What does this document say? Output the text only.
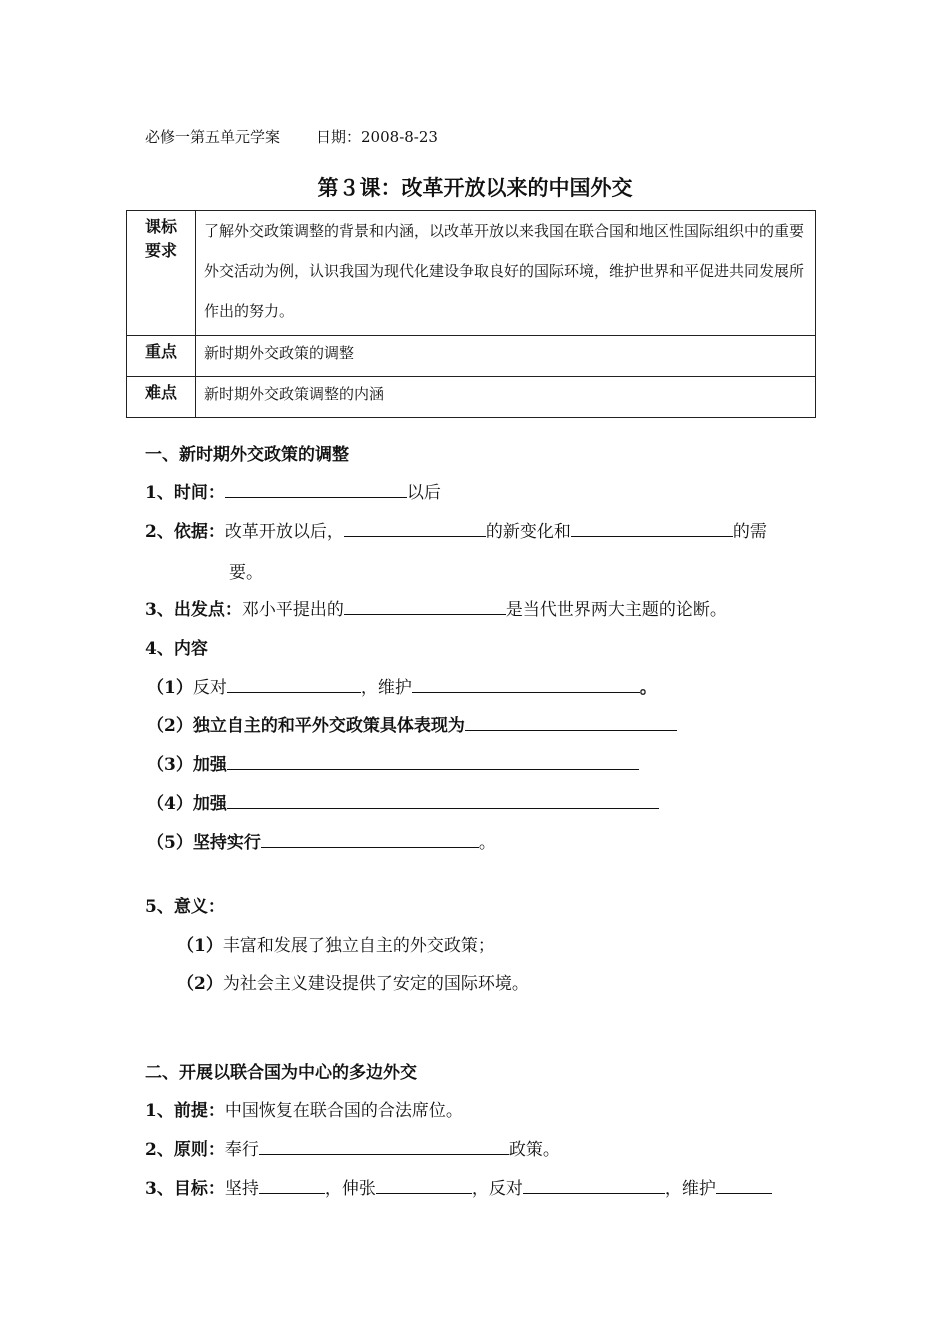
必修一第五单元学案 日期：2008-8-23
第３课：改革开放以来的中国外交
课标
要求	了解外交政策调整的背景和内涵，以改革开放以来我国在联合国和地区性国际组织中的重要外交活动为例，认识我国为现代化建设争取良好的国际环境，维护世界和平促进共同发展所作出的努力。
重点	新时期外交政策的调整
难点	新时期外交政策调整的内涵
一、新时期外交政策的调整
1、时间：	以后
2、依据：改革开放以后，	的新变化和	的需
要。
3、出发点：邓小平提出的	是当代世界两大主题的论断。
4、内容
（1）反对	，维护	。
（2）独立自主的和平外交政策具体表现为
（3）加强
（4）加强
（5）坚持实行	。
5、意义：
（1）丰富和发展了独立自主的外交政策；
（2）为社会主义建设提供了安定的国际环境。
二、开展以联合国为中心的多边外交
1、前提：中国恢复在联合国的合法席位。
2、原则：奉行	政策。
3、目标：坚持	，伸张	，反对	，维护
